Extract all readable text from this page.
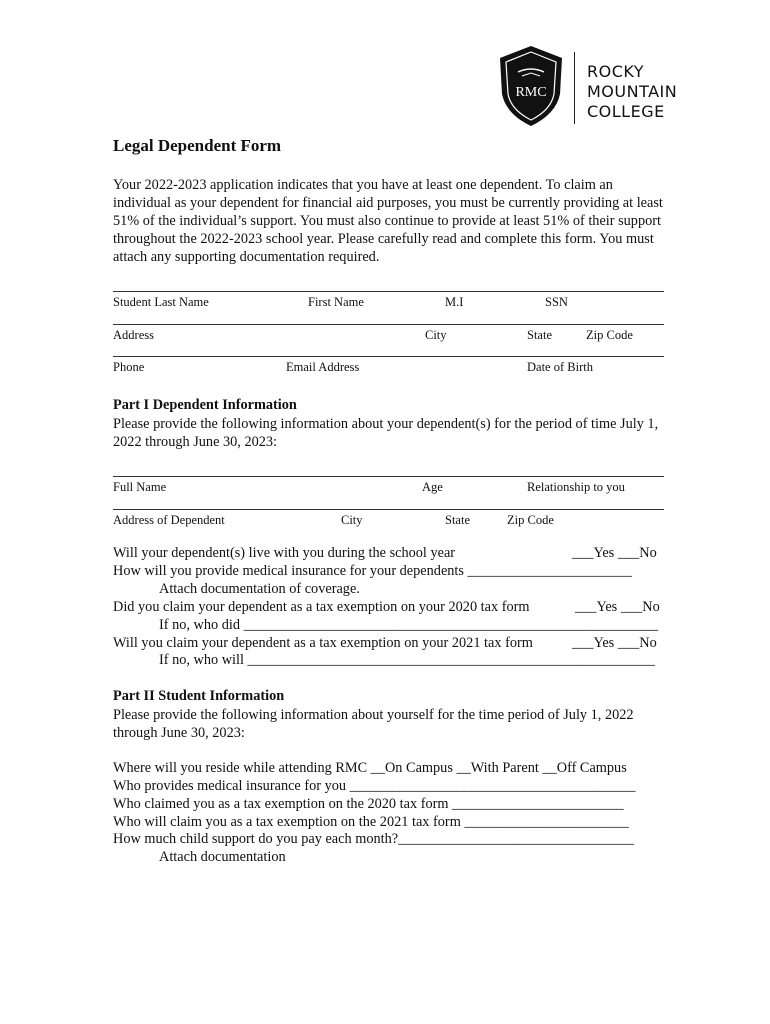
RMC
ROCKY
MOUNTAIN
COLLEGE
Legal Dependent Form
Your 2022-2023 application indicates that you have at least one dependent. To claim an individual as your dependent for financial aid purposes, you must be currently providing at least 51% of the individual’s support. You must also continue to provide at least 51% of their support throughout the 2022-2023 school year. Please carefully read and complete this form. You must attach any supporting documentation required.
Student Last Name	First Name	M.I	SSN
Address	City	State	Zip Code
Phone	Email Address	Date of Birth
Part I Dependent Information
Please provide the following information about your dependent(s) for the period of time July 1, 2022 through June 30, 2023:
Full Name	Age	Relationship to you
Address of Dependent	City	State	Zip Code
Will your dependent(s) live with you during the school year	___Yes ___No
How will you provide medical insurance for your dependents _______________________
Attach documentation of coverage.
Did you claim your dependent as a tax exemption on your 2020 tax form	___Yes ___No
If no, who did __________________________________________________________
Will you claim your dependent as a tax exemption on your 2021 tax form	___Yes ___No
If no, who will _________________________________________________________
Part II Student Information
Please provide the following information about yourself for the time period of July 1, 2022 through June 30, 2023:
Where will you reside while attending RMC __On Campus __With Parent __Off Campus
Who provides medical insurance for you ________________________________________
Who claimed you as a tax exemption on the 2020 tax form ________________________
Who will claim you as a tax exemption on the 2021 tax form _______________________
How much child support do you pay each month?_________________________________
Attach documentation
